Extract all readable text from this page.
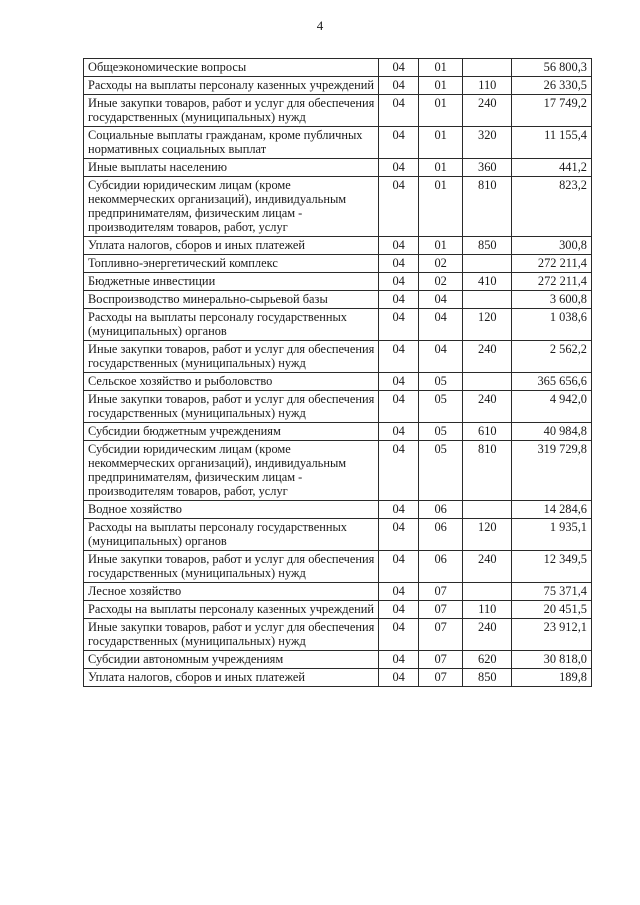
4
Общеэкономические вопросы	04	01		56 800,3
Расходы на выплаты персоналу казенных учреждений	04	01	110	26 330,5
Иные закупки товаров, работ и услуг для обеспечения государственных (муниципальных) нужд	04	01	240	17 749,2
Социальные выплаты гражданам, кроме публичных нормативных социальных выплат	04	01	320	11 155,4
Иные выплаты населению	04	01	360	441,2
Субсидии юридическим лицам (кроме некоммерческих организаций), индивидуальным предпринимателям, физическим лицам - производителям товаров, работ, услуг	04	01	810	823,2
Уплата налогов, сборов и иных платежей	04	01	850	300,8
Топливно-энергетический комплекс	04	02		272 211,4
Бюджетные инвестиции	04	02	410	272 211,4
Воспроизводство минерально-сырьевой базы	04	04		3 600,8
Расходы на выплаты персоналу государственных (муниципальных) органов	04	04	120	1 038,6
Иные закупки товаров, работ и услуг для обеспечения государственных (муниципальных) нужд	04	04	240	2 562,2
Сельское хозяйство и рыболовство	04	05		365 656,6
Иные закупки товаров, работ и услуг для обеспечения государственных (муниципальных) нужд	04	05	240	4 942,0
Субсидии бюджетным учреждениям	04	05	610	40 984,8
Субсидии юридическим лицам (кроме некоммерческих организаций), индивидуальным предпринимателям, физическим лицам - производителям товаров, работ, услуг	04	05	810	319 729,8
Водное хозяйство	04	06		14 284,6
Расходы на выплаты персоналу государственных (муниципальных) органов	04	06	120	1 935,1
Иные закупки товаров, работ и услуг для обеспечения государственных (муниципальных) нужд	04	06	240	12 349,5
Лесное хозяйство	04	07		75 371,4
Расходы на выплаты персоналу казенных учреждений	04	07	110	20 451,5
Иные закупки товаров, работ и услуг для обеспечения государственных (муниципальных) нужд	04	07	240	23 912,1
Субсидии автономным учреждениям	04	07	620	30 818,0
Уплата налогов, сборов и иных платежей	04	07	850	189,8
